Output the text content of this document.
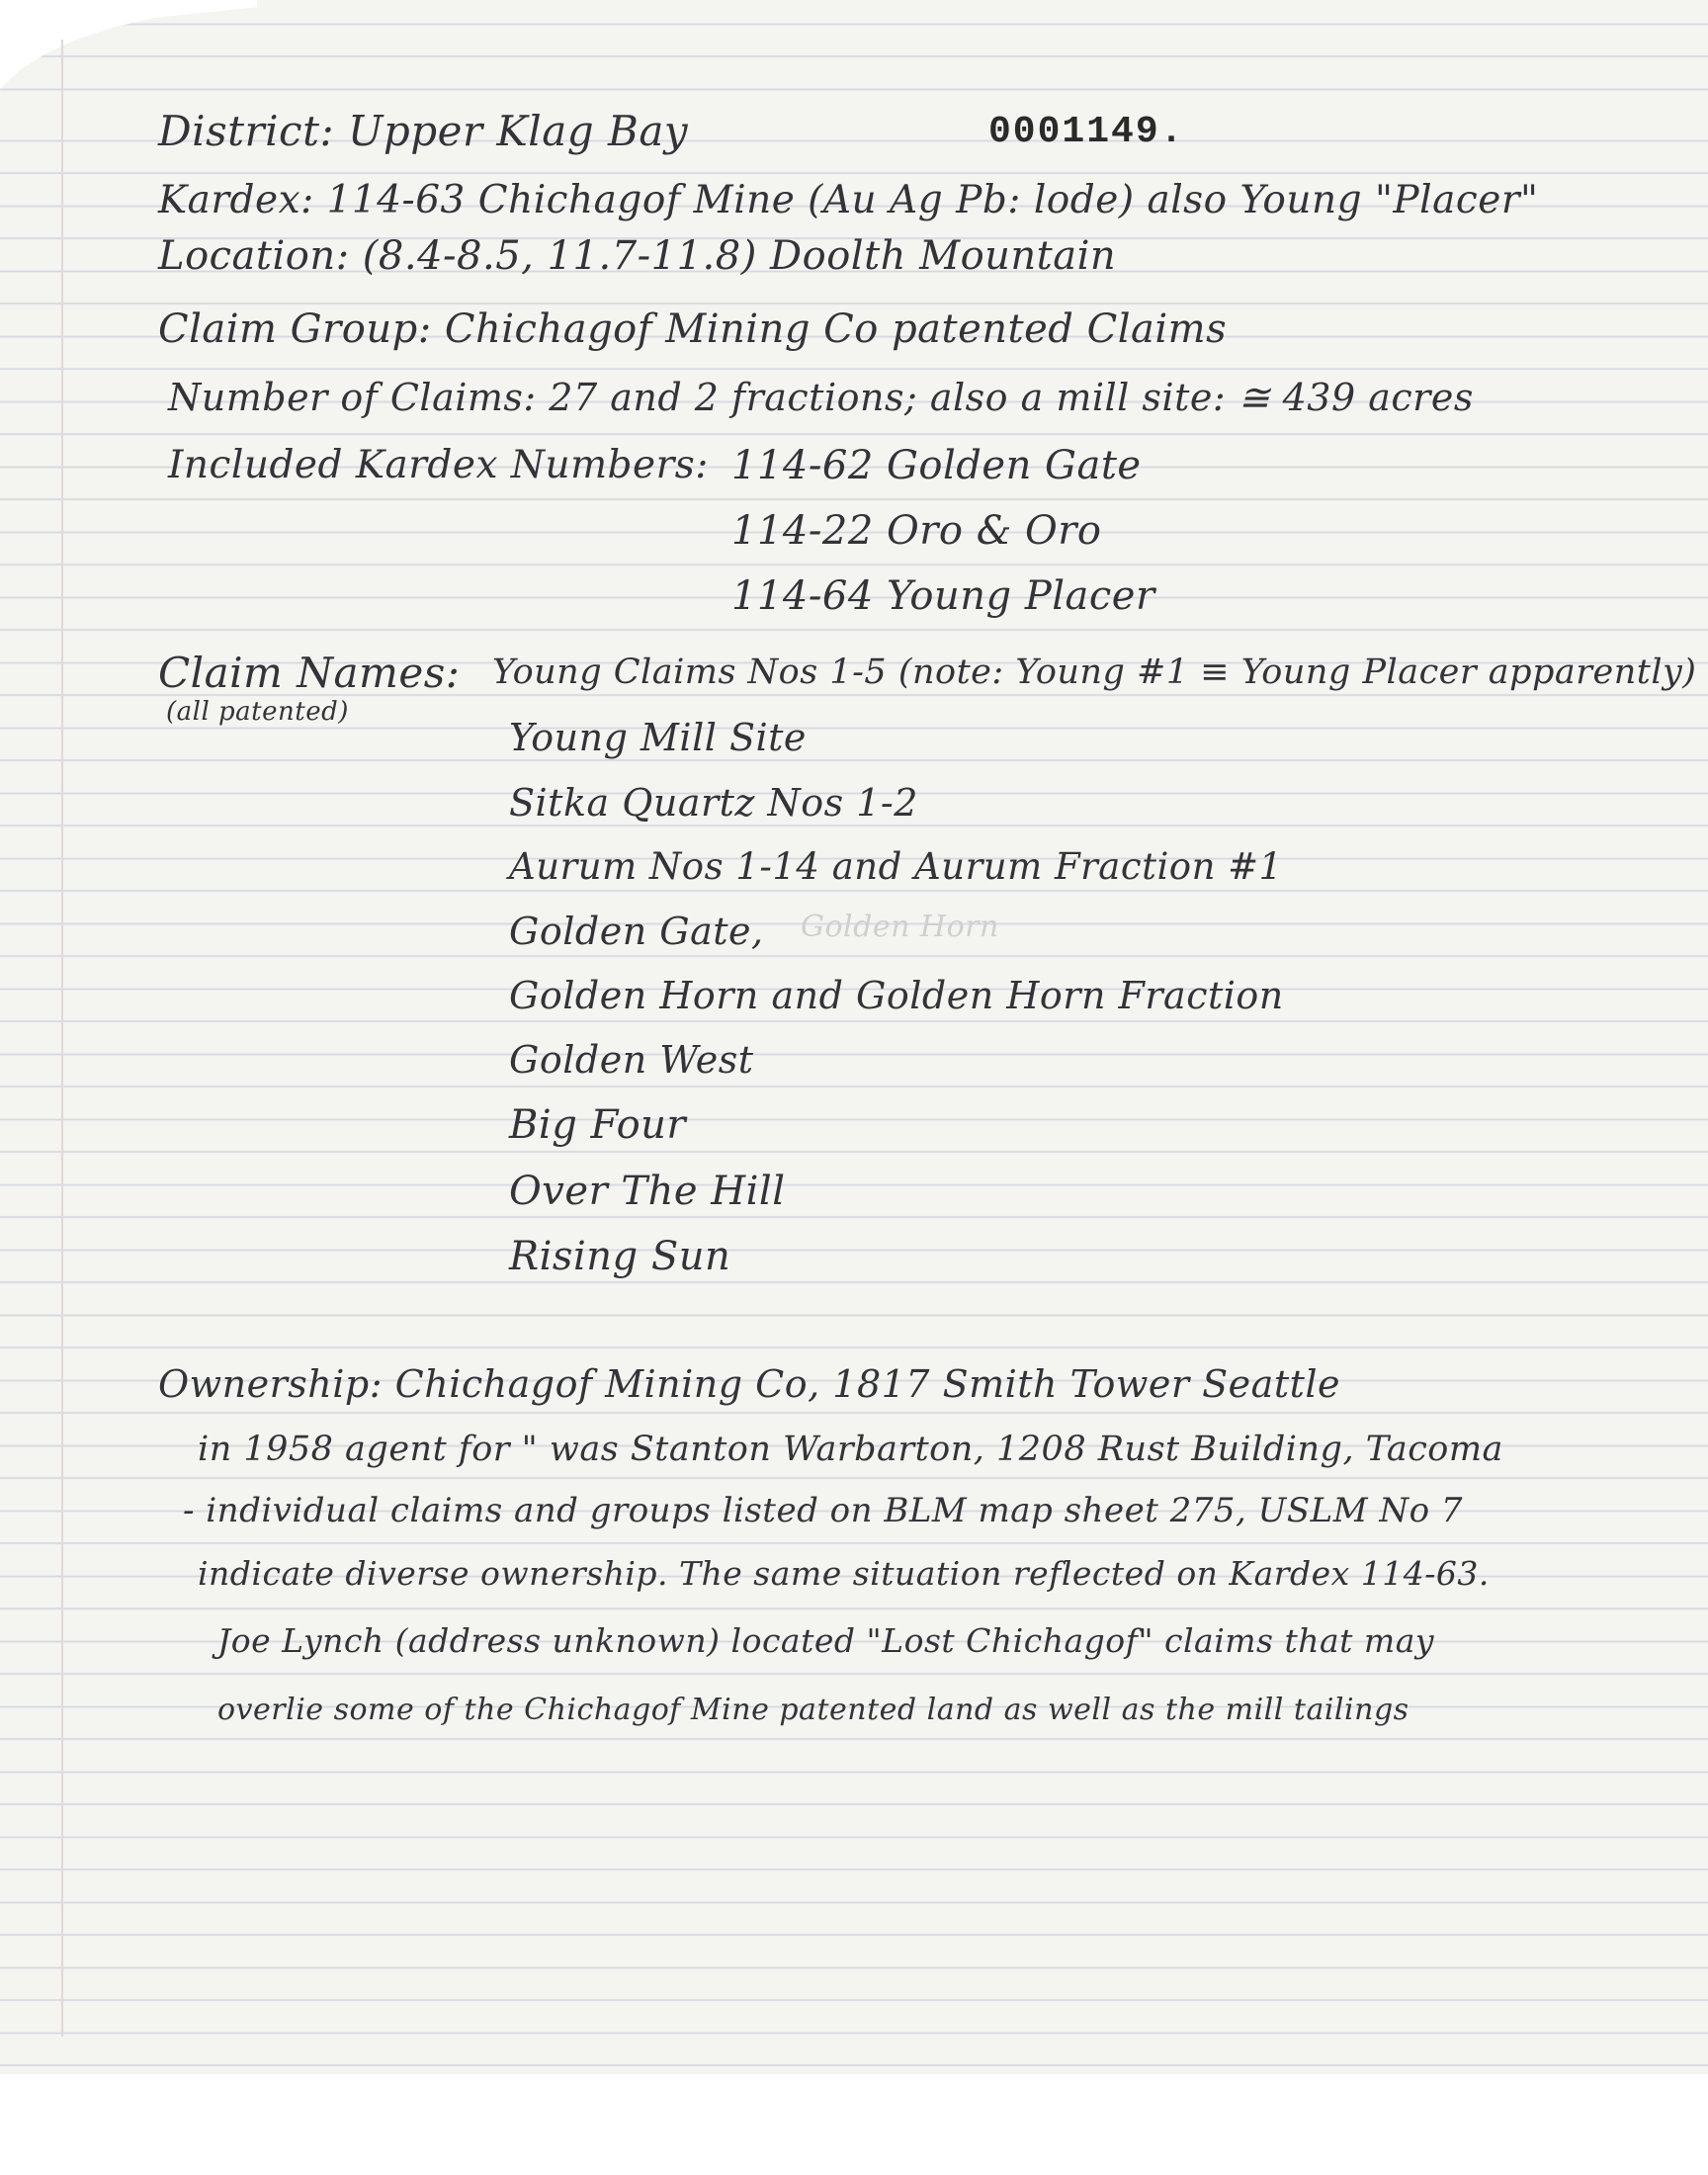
0001149.
District: Upper Klag Bay
Kardex: 114-63 Chichagof Mine (Au Ag Pb: lode) also Young "Placer"
Location: (8.4-8.5, 11.7-11.8) Doolth Mountain
Claim Group: Chichagof Mining Co patented Claims
Number of Claims: 27 and 2 fractions; also a mill site: ≅ 439 acres
Included Kardex Numbers: 114-62 Golden Gate
114-22 Oro & Oro
114-64 Young Placer
Claim Names:
(all patented)
Young Claims Nos 1-5 (note: Young #1 ≡ Young Placer apparently)
Young Mill Site
Sitka Quartz Nos 1-2
Aurum Nos 1-14 and Aurum Fraction #1
Golden Gate, Golden Horn
Golden Horn and Golden Horn Fraction
Golden West
Big Four
Over The Hill
Rising Sun
Ownership: Chichagof Mining Co, 1817 Smith Tower Seattle
in 1958 agent for " was Stanton Warbarton, 1208 Rust Building, Tacoma
- individual claims and groups listed on BLM map sheet 275, USLM No 7
indicate diverse ownership. The same situation reflected on Kardex 114-63.
Joe Lynch (address unknown) located "Lost Chichagof" claims that may
overlie some of the Chichagof Mine patented land as well as the mill tailings
